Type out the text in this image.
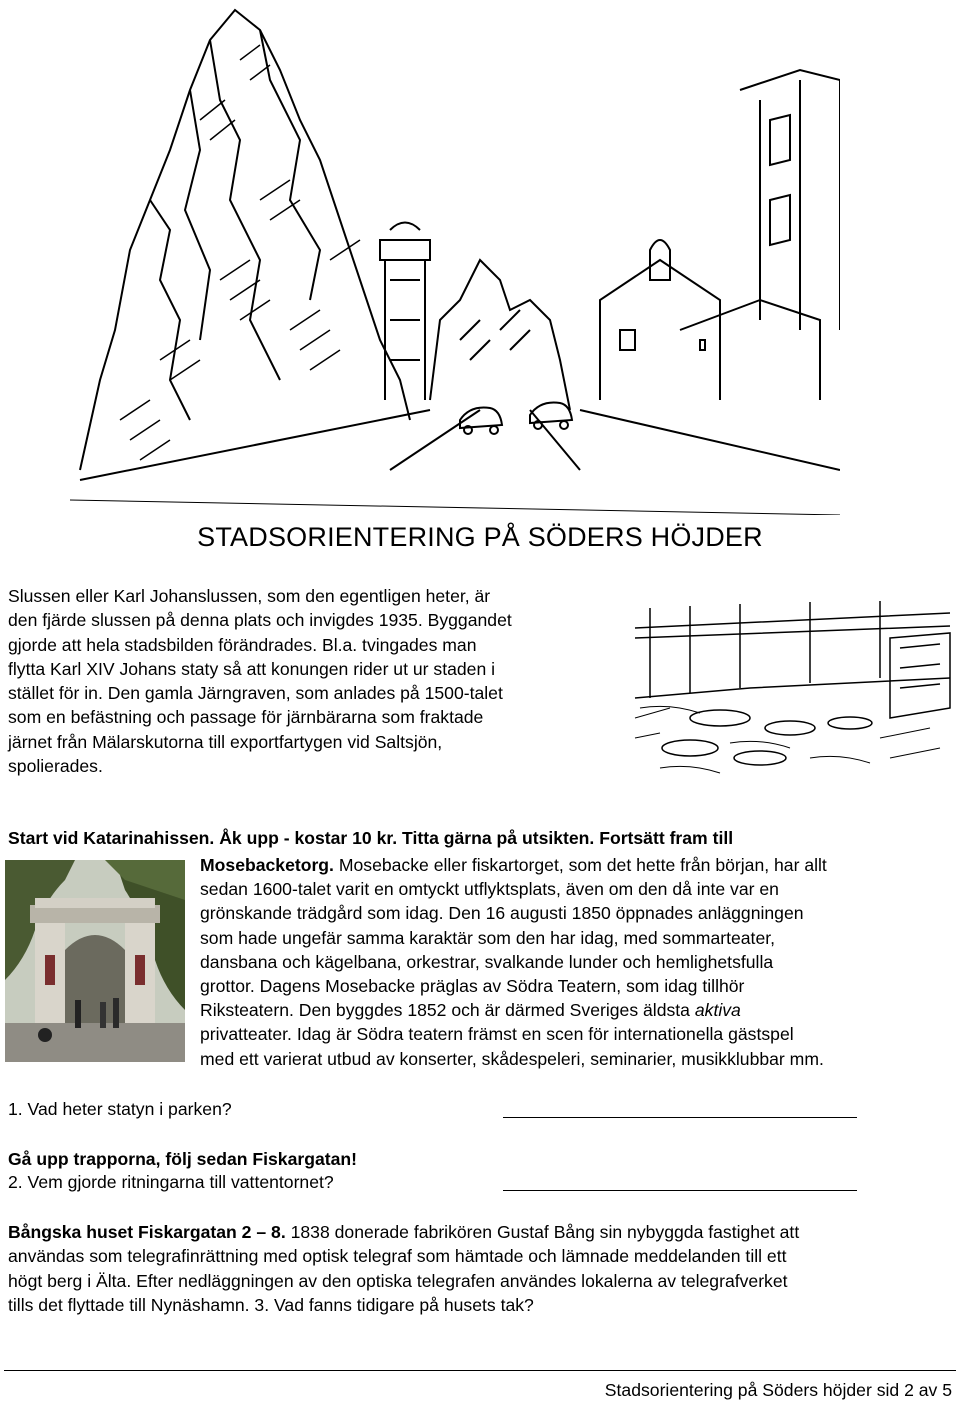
STADSORIENTERING PÅ SÖDERS HÖJDER
Slussen eller Karl Johanslussen, som den egentligen heter, är
den fjärde slussen på denna plats och invigdes 1935. Byggandet
gjorde att hela stadsbilden förändrades. Bl.a. tvingades man
flytta Karl XIV Johans staty så att konungen rider ut ur staden i
stället för in. Den gamla Järngraven, som anlades på 1500-talet
som en befästning och passage för järnbärarna som fraktade
järnet från Mälarskutorna till exportfartygen vid Saltsjön,
spolierades.
Start vid Katarinahissen. Åk upp - kostar 10 kr. Titta gärna på utsikten. Fortsätt fram till
Mosebacketorg. Mosebacke eller fiskartorget, som det hette från början, har allt
sedan 1600-talet varit en omtyckt utflyktsplats, även om den då inte var en
grönskande trädgård som idag. Den 16 augusti 1850 öppnades anläggningen
som hade ungefär samma karaktär som den har idag, med sommarteater,
dansbana och kägelbana, orkestrar, svalkande lunder och hemlighetsfulla
grottor. Dagens Mosebacke präglas av Södra Teatern, som idag tillhör
Riksteatern. Den byggdes 1852 och är därmed Sveriges äldsta aktiva
privatteater. Idag är Södra teatern främst en scen för internationella gästspel
med ett varierat utbud av konserter, skådespeleri, seminarier, musikklubbar mm.
1. Vad heter statyn i parken?
Gå upp trapporna, följ sedan Fiskargatan!
2. Vem gjorde ritningarna till vattentornet?
Bångska huset Fiskargatan 2 – 8. 1838 donerade fabrikören Gustaf Bång sin nybyggda fastighet att
användas som telegrafinrättning med optisk telegraf som hämtade och lämnade meddelanden till ett
högt berg i Älta. Efter nedläggningen av den optiska telegrafen användes lokalerna av telegrafverket
tills det flyttade till Nynäshamn. 3. Vad fanns tidigare på husets tak?
Stadsorientering på Söders höjder sid 2 av 5
